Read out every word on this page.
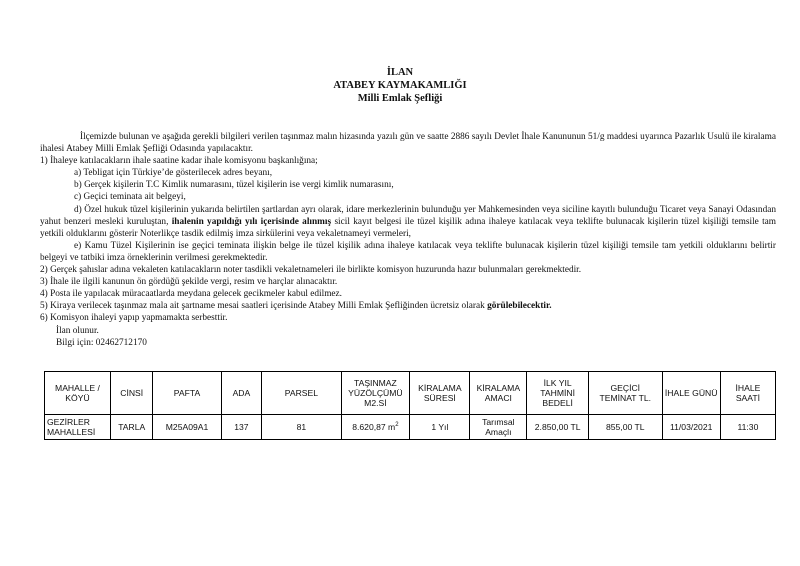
İLAN
ATABEY KAYMAKAMLIĞI
Milli Emlak Şefliği

İlçemizde bulunan ve aşağıda gerekli bilgileri verilen taşınmaz malın hizasında yazılı gün ve saatte 2886 sayılı Devlet İhale Kanununun 51/g maddesi uyarınca Pazarlık Usulü ile kiralama ihalesi Atabey Milli Emlak Şefliği Odasında yapılacaktır.

1) İhaleye katılacakların ihale saatine kadar ihale komisyonu başkanlığına;

a) Tebligat için Türkiye’de gösterilecek adres beyanı,

b) Gerçek kişilerin T.C Kimlik numarasını, tüzel kişilerin ise vergi kimlik numarasını,

c) Geçici teminata ait belgeyi,

d) Özel hukuk tüzel kişilerinin yukarıda belirtilen şartlardan ayrı olarak, idare merkezlerinin bulunduğu yer Mahkemesinden veya siciline kayıtlı bulunduğu Ticaret veya Sanayi Odasından yahut benzeri mesleki kuruluştan, ihalenin yapıldığı yılı içerisinde alınmış sicil kayıt belgesi ile tüzel kişilik adına ihaleye katılacak veya teklifte bulunacak kişilerin tüzel kişiliği temsile tam yetkili olduklarını gösterir Noterlikçe tasdik edilmiş imza sirkülerini veya vekaletnameyi vermeleri,

e) Kamu Tüzel Kişilerinin ise geçici teminata ilişkin belge ile tüzel kişilik adına ihaleye katılacak veya teklifte bulunacak kişilerin tüzel kişiliği temsile tam yetkili olduklarını belirtir belgeyi ve tatbiki imza örneklerinin verilmesi gerekmektedir.

2) Gerçek şahıslar adına vekaleten katılacakların noter tasdikli vekaletnameleri ile birlikte komisyon huzurunda hazır bulunmaları gerekmektedir.

3) İhale ile ilgili kanunun ön gördüğü şekilde vergi, resim ve harçlar alınacaktır.

4) Posta ile yapılacak müracaatlarda meydana gelecek gecikmeler kabul edilmez.

5) Kiraya verilecek taşınmaz mala ait şartname mesai saatleri içerisinde Atabey Milli Emlak Şefliğinden ücretsiz olarak görülebilecektir.

6) Komisyon ihaleyi yapıp yapmamakta serbesttir.

İlan olunur.

Bilgi için: 02462712170

MAHALLE / KÖYÜ	CİNSİ	PAFTA	ADA	PARSEL	TAŞINMAZ YÜZÖLÇÜMÜ M2.Sİ	KİRALAMA SÜRESİ	KİRALAMA AMACI	İLK YIL TAHMİNİ BEDELİ	GEÇİCİ TEMİNAT TL.	İHALE GÜNÜ	İHALE SAATİ
GEZİRLER MAHALLESİ	TARLA	M25A09A1	137	81	8.620,87 $m^2$	1 Yıl	Tarımsal Amaçlı	2.850,00 TL	855,00 TL	11/03/2021	11:30
